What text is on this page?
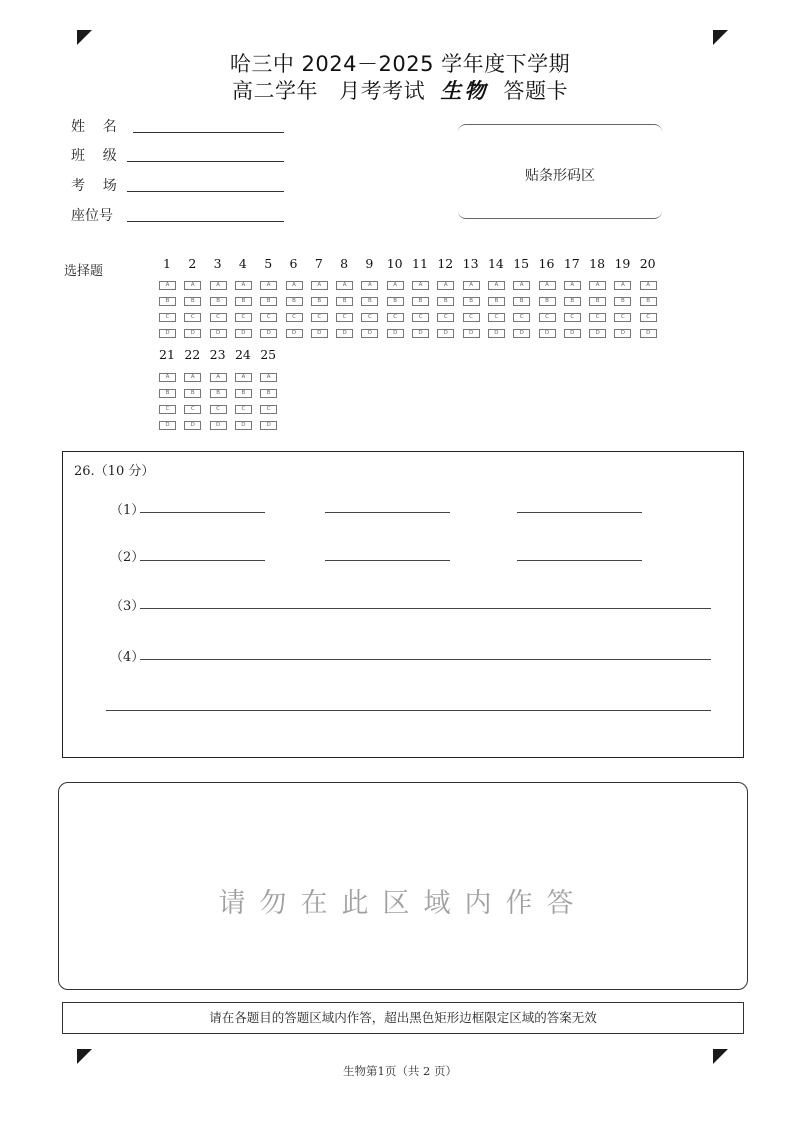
哈三中 2024－2025 学年度下学期
高二学年 月考考试 生物 答题卡
姓    名
班    级
考    场
座位号
贴条形码区
选择题
1
A
B
C
D
2
A
B
C
D
3
A
B
C
D
4
A
B
C
D
5
A
B
C
D
6
A
B
C
D
7
A
B
C
D
8
A
B
C
D
9
A
B
C
D
10
A
B
C
D
11
A
B
C
D
12
A
B
C
D
13
A
B
C
D
14
A
B
C
D
15
A
B
C
D
16
A
B
C
D
17
A
B
C
D
18
A
B
C
D
19
A
B
C
D
20
A
B
C
D
21
A
B
C
D
22
A
B
C
D
23
A
B
C
D
24
A
B
C
D
25
A
B
C
D
26.（10 分）
（1）
（2）
（3）
（4）
请勿在此区域内作答
请在各题目的答题区域内作答，超出黑色矩形边框限定区域的答案无效
生物第1页（共 2 页）
